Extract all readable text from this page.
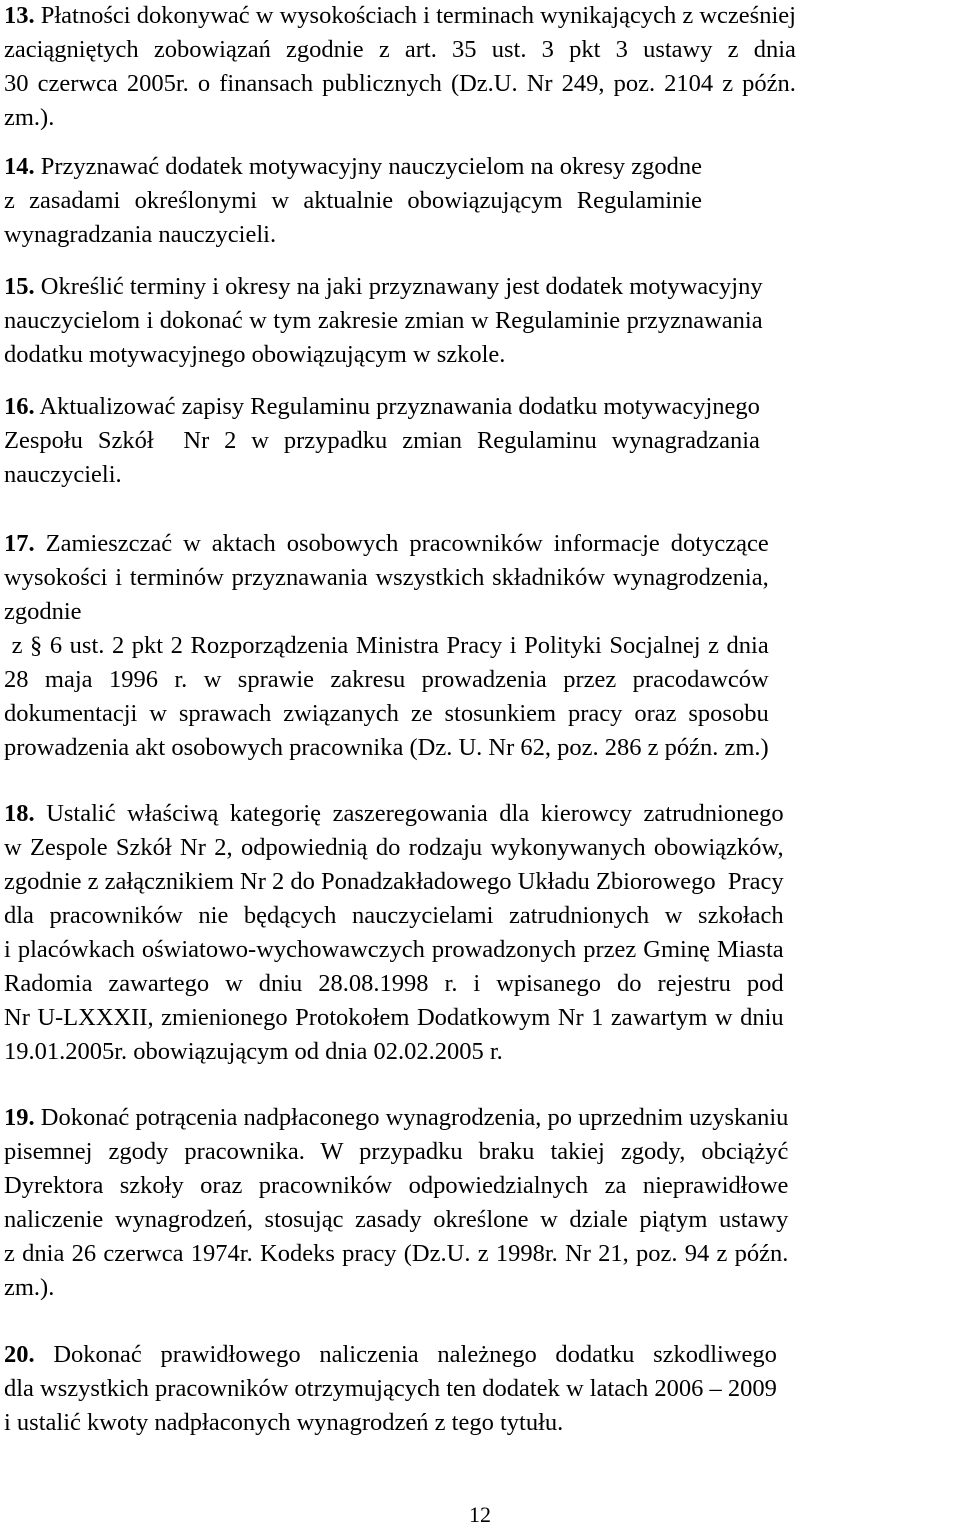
13. Płatności dokonywać w wysokościach i terminach wynikających z wcześniej
zaciągniętych zobowiązań zgodnie z art. 35 ust. 3 pkt 3 ustawy z dnia
30 czerwca 2005r. o finansach publicznych (Dz.U. Nr 249, poz. 2104 z późn.
zm.).
14. Przyznawać dodatek motywacyjny nauczycielom na okresy zgodne
z zasadami określonymi w aktualnie obowiązującym Regulaminie
wynagradzania nauczycieli.
15. Określić terminy i okresy na jaki przyznawany jest dodatek motywacyjny
nauczycielom i dokonać w tym zakresie zmian w Regulaminie przyznawania
dodatku motywacyjnego obowiązującym w szkole.
16. Aktualizować zapisy Regulaminu przyznawania dodatku motywacyjnego
Zespołu Szkół  Nr 2 w przypadku zmian Regulaminu wynagradzania
nauczycieli.
17. Zamieszczać w aktach osobowych pracowników informacje dotyczące
wysokości i terminów przyznawania wszystkich składników wynagrodzenia,
zgodnie
z § 6 ust. 2 pkt 2 Rozporządzenia Ministra Pracy i Polityki Socjalnej z dnia
28 maja 1996 r. w sprawie zakresu prowadzenia przez pracodawców
dokumentacji w sprawach związanych ze stosunkiem pracy oraz sposobu
prowadzenia akt osobowych pracownika (Dz. U. Nr 62, poz. 286 z późn. zm.)
18. Ustalić właściwą kategorię zaszeregowania dla kierowcy zatrudnionego
w Zespole Szkół Nr 2, odpowiednią do rodzaju wykonywanych obowiązków,
zgodnie z załącznikiem Nr 2 do Ponadzakładowego Układu Zbiorowego  Pracy
dla pracowników nie będących nauczycielami zatrudnionych w szkołach
i placówkach oświatowo-wychowawczych prowadzonych przez Gminę Miasta
Radomia zawartego w dniu 28.08.1998 r. i wpisanego do rejestru pod
Nr U-LXXXII, zmienionego Protokołem Dodatkowym Nr 1 zawartym w dniu
19.01.2005r. obowiązującym od dnia 02.02.2005 r.
19. Dokonać potrącenia nadpłaconego wynagrodzenia, po uprzednim uzyskaniu
pisemnej zgody pracownika. W przypadku braku takiej zgody, obciążyć
Dyrektora szkoły oraz pracowników odpowiedzialnych za nieprawidłowe
naliczenie wynagrodzeń, stosując zasady określone w dziale piątym ustawy
z dnia 26 czerwca 1974r. Kodeks pracy (Dz.U. z 1998r. Nr 21, poz. 94 z późn.
zm.).
20. Dokonać prawidłowego naliczenia należnego dodatku szkodliwego
dla wszystkich pracowników otrzymujących ten dodatek w latach 2006 – 2009
i ustalić kwoty nadpłaconych wynagrodzeń z tego tytułu.
12
